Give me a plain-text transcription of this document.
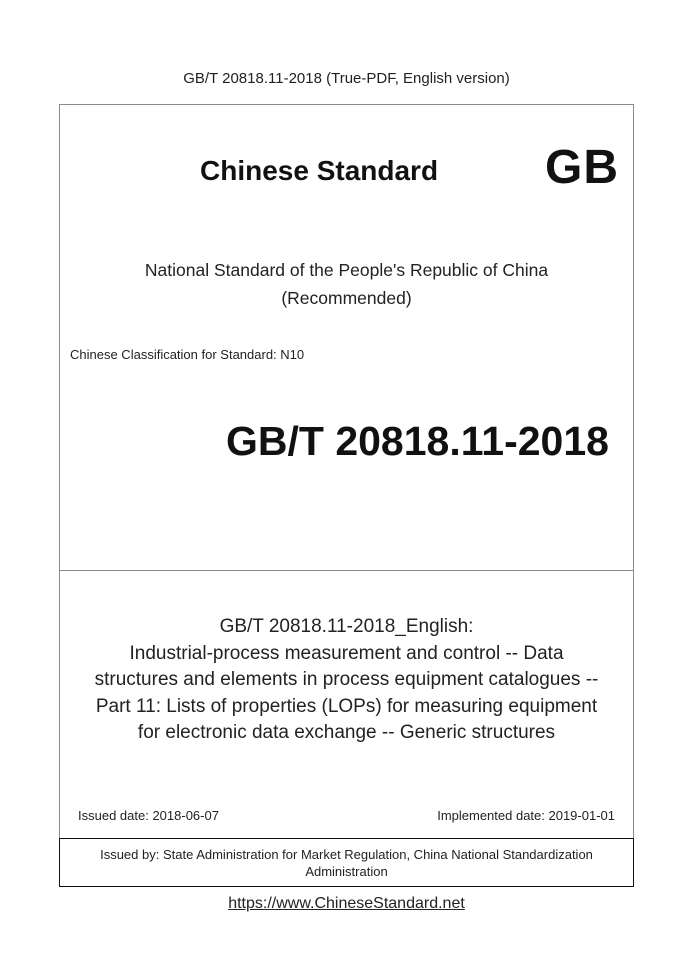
GB/T 20818.11-2018 (True-PDF, English version)
Chinese Standard GB
National Standard of the People's Republic of China
(Recommended)
Chinese Classification for Standard: N10
GB/T 20818.11-2018
GB/T 20818.11-2018_English:
Industrial-process measurement and control -- Data
structures and elements in process equipment catalogues --
Part 11: Lists of properties (LOPs) for measuring equipment
for electronic data exchange -- Generic structures
Issued date: 2018-06-07	Implemented date: 2019-01-01
Issued by: State Administration for Market Regulation, China National Standardization
Administration
https://www.ChineseStandard.net
